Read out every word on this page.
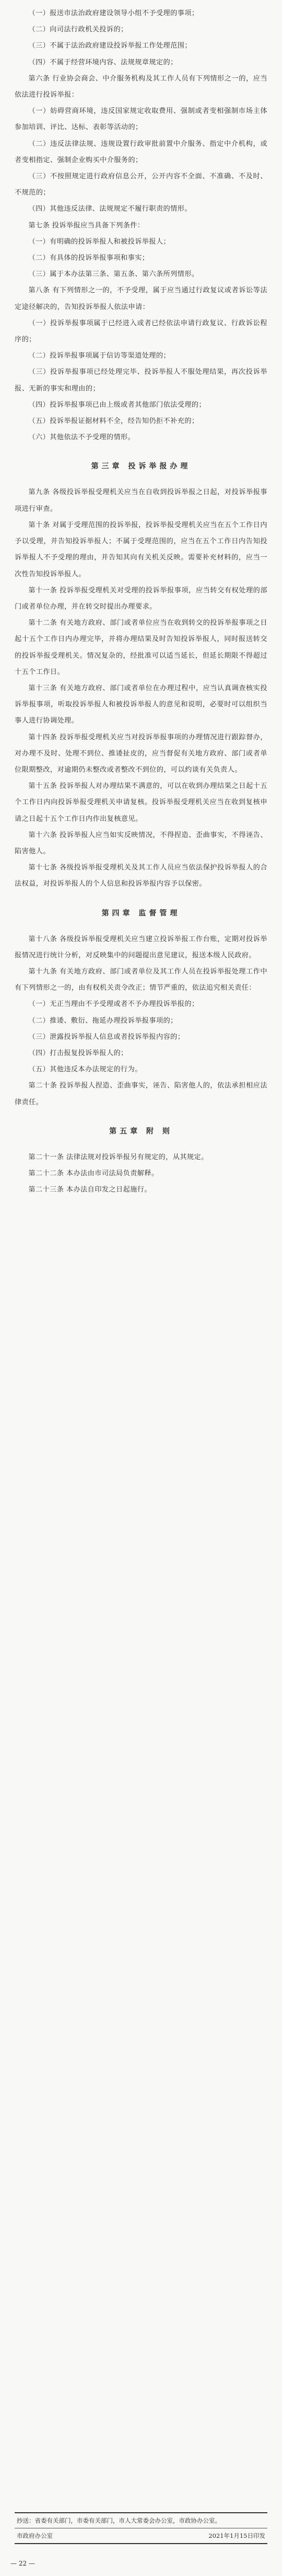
（一）报送市法治政府建设领导小组不予受理的事项；

（二）向司法行政机关投诉的；

（三）不属于法治政府建设投诉举报工作处理范围；

（四）不属于经营环境内容、法规规章规定的；

第六条 行业协会商会、中介服务机构及其工作人员有下列情形之一的，应当依法进行投诉举报：

（一）妨碍营商环境，违反国家规定收取费用、强制或者变相强制市场主体参加培训、评比、达标、表彰等活动的；

（二）违反法律法规、违规设置行政审批前置中介服务、指定中介机构，或者变相指定、强制企业购买中介服务的；

（三）不按照规定进行政府信息公开，公开内容不全面、不准确、不及时、不规范的；

（四）其他违反法律、法规规定不履行职责的情形。

第七条 投诉举报应当具备下列条件：

（一）有明确的投诉举报人和被投诉举报人；

（二）有具体的投诉举报事项和事实；

（三）属于本办法第三条、第五条、第六条所列情形。

第八条 有下列情形之一的，不予受理，属于应当通过行政复议或者诉讼等法定途径解决的，告知投诉举报人依法申请：

（一）投诉举报事项属于已经进入或者已经依法申请行政复议、行政诉讼程序的；

（二）投诉举报事项属于信访等渠道处理的；

（三）投诉举报事项已经处理完毕、投诉举报人不服处理结果，再次投诉举报、无新的事实和理由的；

（四）投诉举报事项已由上级或者其他部门依法受理的；

（五）投诉举报证据材料不全，经告知仍拒不补充的；

（六）其他依法不予受理的情形。

第三章 投诉举报办理

第九条 各级投诉举报受理机关应当在自收到投诉举报之日起，对投诉举报事项进行审查。

第十条 对属于受理范围的投诉举报，投诉举报受理机关应当在五个工作日内予以受理，并告知投诉举报人；不属于受理范围的，应当在五个工作日内告知投诉举报人不予受理的理由，并告知其向有关机关反映。需要补充材料的，应当一次性告知投诉举报人。

第十一条 投诉举报受理机关对受理的投诉举报事项，应当转交有权处理的部门或者单位办理，并在转交时提出办理要求。

第十二条 有关地方政府、部门或者单位应当在收到转交的投诉举报事项之日起十五个工作日内办理完毕，并将办理结果及时告知投诉举报人，同时报送转交的投诉举报受理机关。情况复杂的，经批准可以适当延长，但延长期限不得超过十五个工作日。

第十三条 有关地方政府、部门或者单位在办理过程中，应当认真调查核实投诉举报事项，听取投诉举报人和被投诉举报人的意见和说明，必要时可以组织当事人进行协调处理。

第十四条 投诉举报受理机关应当对投诉举报事项的办理情况进行跟踪督办，对办理不及时、处理不到位、推诿扯皮的，应当督促有关地方政府、部门或者单位限期整改，对逾期仍未整改或者整改不到位的，可以约谈有关负责人。

第十五条 投诉举报人对办理结果不满意的，可以在收到办理结果之日起十五个工作日内向投诉举报受理机关申请复核。投诉举报受理机关应当在收到复核申请之日起十五个工作日内作出复核意见。

第十六条 投诉举报人应当如实反映情况，不得捏造、歪曲事实，不得诬告、陷害他人。

第十七条 各级投诉举报受理机关及其工作人员应当依法保护投诉举报人的合法权益，对投诉举报人的个人信息和投诉举报内容予以保密。

第四章 监督管理

第十八条 各级投诉举报受理机关应当建立投诉举报工作台账，定期对投诉举报情况进行统计分析，对反映集中的问题提出意见建议，报送本级人民政府。

第十九条 有关地方政府、部门或者单位及其工作人员在投诉举报处理工作中有下列情形之一的，由有权机关责令改正；情节严重的，依法追究相关责任：

（一）无正当理由不予受理或者不予办理投诉举报的；

（二）推诿、敷衍、拖延办理投诉举报事项的；

（三）泄露投诉举报人信息或者投诉举报内容的；

（四）打击报复投诉举报人的；

（五）其他违反本办法规定的行为。

第二十条 投诉举报人捏造、歪曲事实，诬告、陷害他人的，依法承担相应法律责任。

第五章 附 则

第二十一条 法律法规对投诉举报另有规定的，从其规定。

第二十二条 本办法由市司法局负责解释。

第二十三条 本办法自印发之日起施行。

抄送：省委有关部门，市委有关部门，市人大常委会办公室，市政协办公室。
市政府办公室	2021年1月15日印发
— 22 —
